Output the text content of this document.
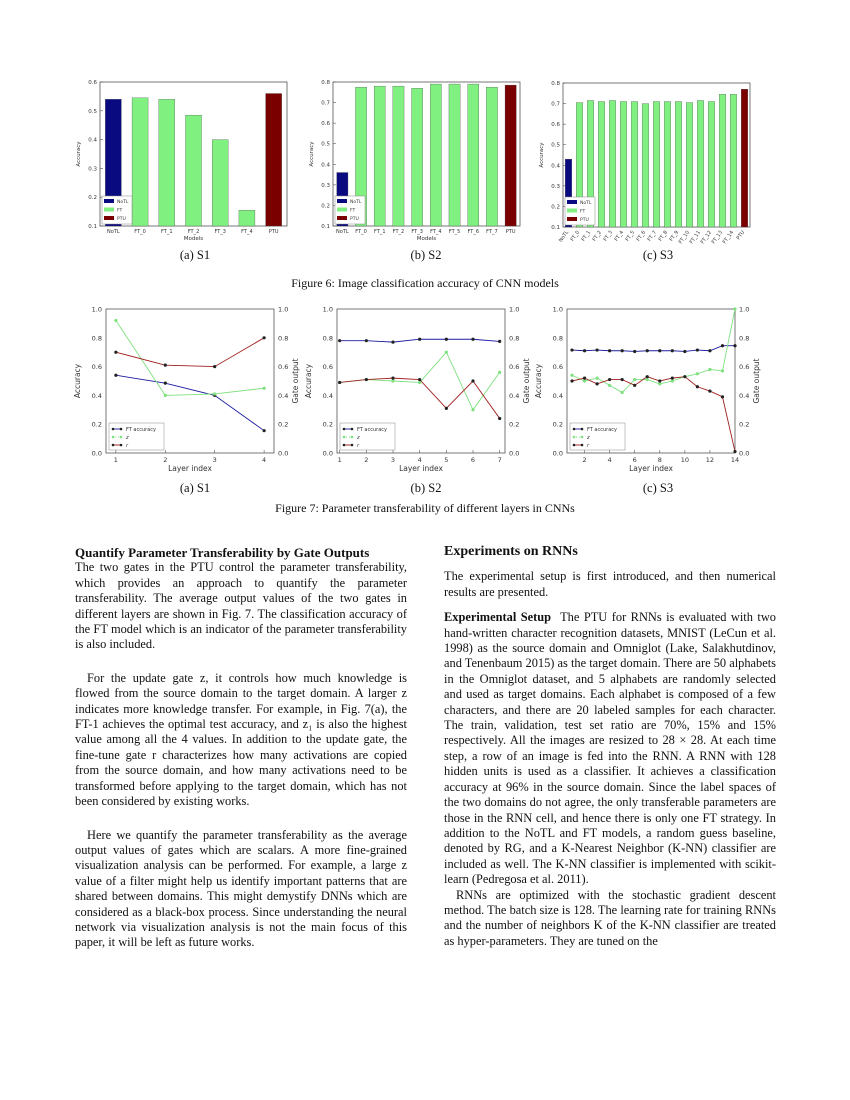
0.1
0.2
0.3
0.4
0.5
0.6
NoTL	FT_0	FT_1	FT_2	FT_3	FT_4	PTU
Models
Accuracy
NoTL
FT
PTU
0.1
0.2
0.3
0.4
0.5
0.6
0.7
0.8
NoTL FT_0 FT_1 FT_2 FT_3 FT_4 FT_5 FT_6 FT_7 PTU
Models
Accuracy
NoTL
FT
PTU
0.1
0.2
0.3
0.4
0.5
0.6
0.7
0.8
NoTL FT_0 FT_1 FT_2 FT_3 FT_4 FT_5 FT_6 FT_7 FT_8 FT_9
FT_10
FT_11
FT_12
FT_13
FT_14 PTU
Accuracy
NoTL
FT
PTU
(a) S1	(b) S2	(c) S3
Figure 6: Image classification accuracy of CNN models
0.0	0.0
0.2	0.2
0.4	0.4
0.6	0.6
0.8	0.8
1.0	1.0
1	2	3	4
Layer index
Accuracy	Gate output
FT accuracy
z
r
0.0	0.0
0.2	0.2
0.4	0.4
0.6	0.6
0.8	0.8
1.0	1.0
1	2	3	4	5	6	7
Layer index
Accuracy	Gate output
FT accuracy
z
r
0.0	0.0
0.2	0.2
0.4	0.4
0.6	0.6
0.8	0.8
1.0	1.0
2	4	6	8	10	12	14
Layer index
Accuracy	Gate output
FT accuracy
z
r
(a) S1	(b) S2	(c) S3
Figure 7: Parameter transferability of different layers in CNNs
Quantify Parameter Transferability by Gate Outputs

The two gates in the PTU control the parameter transferability, which provides an approach to quantify the parameter transferability. The average output values of the two gates in different layers are shown in Fig. 7. The classification accuracy of the FT model which is an indicator of the parameter transferability is also included.

For the update gate z, it controls how much knowledge is flowed from the source domain to the target domain. A larger z indicates more knowledge transfer. For example, in Fig. 7(a), the FT-1 achieves the optimal test accuracy, and z₁ is also the highest value among all the 4 values. In addition to the update gate, the fine-tune gate r characterizes how many activations are copied from the source domain, and how many activations need to be transformed before applying to the target domain, which has not been considered by existing works.

Here we quantify the parameter transferability as the average output values of gates which are scalars. A more fine-grained visualization analysis can be performed. For example, a large z value of a filter might help us identify important patterns that are shared between domains. This might demystify DNNs which are considered as a black-box process. Since understanding the neural network via visualization analysis is not the main focus of this paper, it will be left as future works.

Experiments on RNNs

The experimental setup is first introduced, and then numerical results are presented.

Experimental Setup The PTU for RNNs is evaluated with two hand-written character recognition datasets, MNIST (LeCun et al. 1998) as the source domain and Omniglot (Lake, Salakhutdinov, and Tenenbaum 2015) as the target domain. There are 50 alphabets in the Omniglot dataset, and 5 alphabets are randomly selected and used as target domains. Each alphabet is composed of a few characters, and there are 20 labeled samples for each character. The train, validation, test set ratio are 70%, 15% and 15% respectively. All the images are resized to 28 × 28. At each time step, a row of an image is fed into the RNN. A RNN with 128 hidden units is used as a classifier. It achieves a classification accuracy at 96% in the source domain. Since the label spaces of the two domains do not agree, the only transferable parameters are those in the RNN cell, and hence there is only one FT strategy. In addition to the NoTL and FT models, a random guess baseline, denoted by RG, and a K-Nearest Neighbor (K-NN) classifier are included as well. The K-NN classifier is implemented with scikit-learn (Pedregosa et al. 2011).

RNNs are optimized with the stochastic gradient descent method. The batch size is 128. The learning rate for training RNNs and the number of neighbors K of the K-NN classifier are treated as hyper-parameters. They are tuned on the
